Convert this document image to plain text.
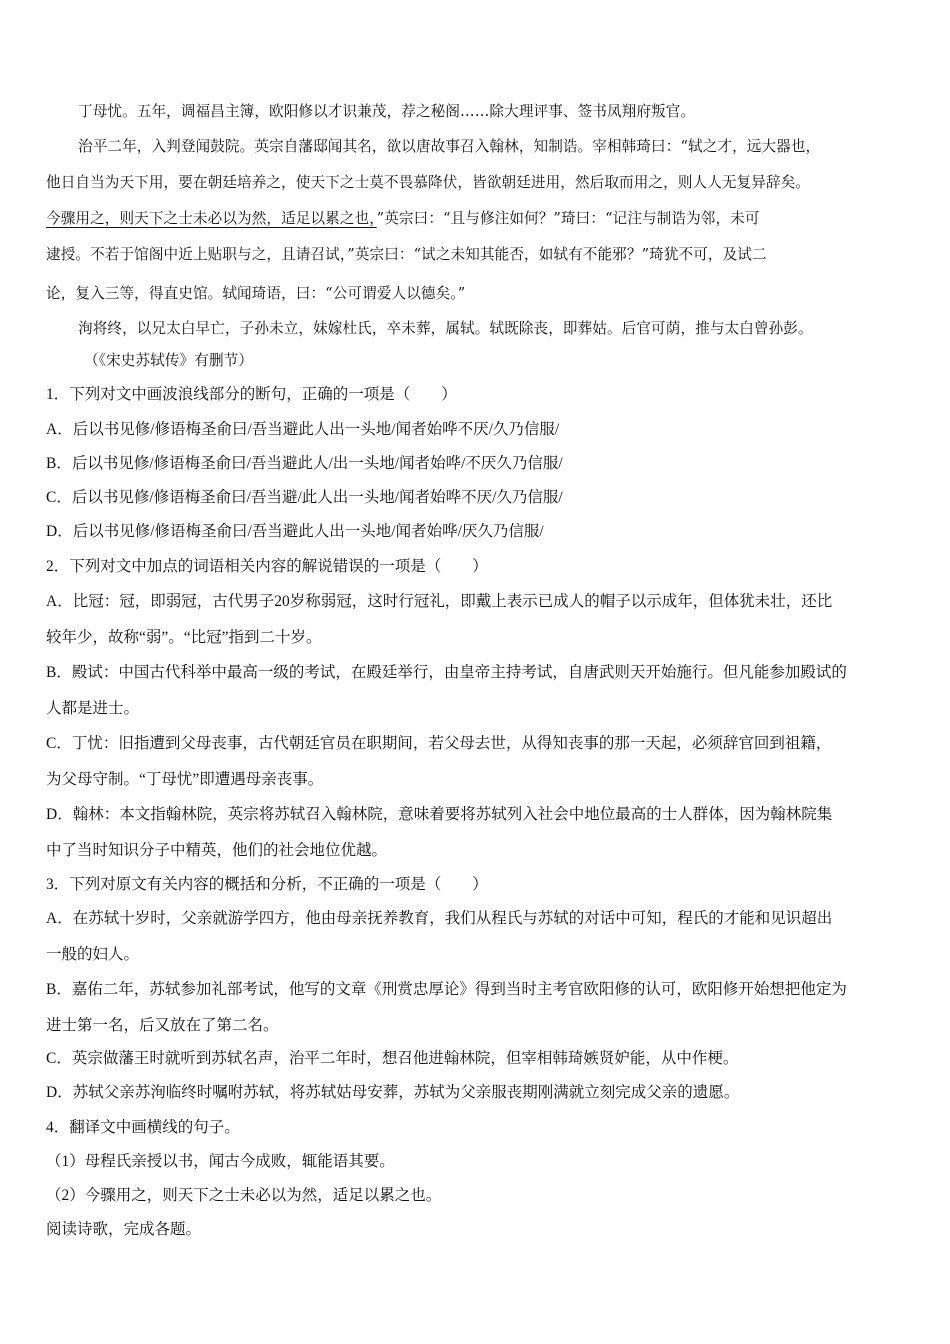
丁母忧。五年，调福昌主簿，欧阳修以才识兼茂，荐之秘阁……除大理评事、签书凤翔府叛官。
治平二年，入判登闻鼓院。英宗自藩邸闻其名，欲以唐故事召入翰林，知制诰。宰相韩琦曰：“轼之才，远大器也，
他日自当为天下用，要在朝廷培养之，使天下之士莫不畏慕降伏，皆欲朝廷进用，然后取而用之，则人人无复异辞矣。
今骤用之，则天下之士未必以为然，适足以累之也，”英宗曰：“且与修注如何？”琦曰：“记注与制诰为邻，未可
逮授。不若于馆阁中近上贴职与之，且请召试，”英宗曰：“试之未知其能否，如轼有不能邪？”琦犹不可，及试二
论，复入三等，得直史馆。轼闻琦语，曰：“公可谓爱人以德矣。”
洵将终，以兄太白早亡，子孙未立，妹嫁杜氏，卒未葬，属轼。轼既除丧，即葬姑。后官可荫，推与太白曾孙彭。
（《宋史苏轼传》有删节）
1．下列对文中画波浪线部分的断句，正确的一项是（　　）
A．后以书见修/修语梅圣俞曰/吾当避此人出一头地/闻者始哗不厌/久乃信服/
B．后以书见修/修语梅圣俞曰/吾当避此人/出一头地/闻者始哗/不厌久乃信服/
C．后以书见修/修语梅圣俞曰/吾当避/此人出一头地/闻者始哗不厌/久乃信服/
D．后以书见修/修语梅圣俞曰/吾当避此人出一头地/闻者始哗/厌久乃信服/
2．下列对文中加点的词语相关内容的解说错误的一项是（　　）
A．比冠：冠，即弱冠，古代男子20岁称弱冠，这时行冠礼，即戴上表示已成人的帽子以示成年，但体犹未壮，还比
较年少，故称“弱”。“比冠”指到二十岁。
B．殿试：中国古代科举中最高一级的考试，在殿廷举行，由皇帝主持考试，自唐武则天开始施行。但凡能参加殿试的
人都是进士。
C．丁忧：旧指遭到父母丧事，古代朝廷官员在职期间，若父母去世，从得知丧事的那一天起，必须辞官回到祖籍，
为父母守制。“丁母忧”即遭遇母亲丧事。
D．翰林：本文指翰林院，英宗将苏轼召入翰林院，意味着要将苏轼列入社会中地位最高的士人群体，因为翰林院集
中了当时知识分子中精英，他们的社会地位优越。
3．下列对原文有关内容的概括和分析，不正确的一项是（　　）
A．在苏轼十岁时，父亲就游学四方，他由母亲抚养教育，我们从程氏与苏轼的对话中可知，程氏的才能和见识超出
一般的妇人。
B．嘉佑二年，苏轼参加礼部考试，他写的文章《刑赏忠厚论》得到当时主考官欧阳修的认可，欧阳修开始想把他定为
进士第一名，后又放在了第二名。
C．英宗做藩王时就听到苏轼名声，治平二年时，想召他进翰林院，但宰相韩琦嫉贤妒能，从中作梗。
D．苏轼父亲苏洵临终时嘱咐苏轼，将苏轼姑母安葬，苏轼为父亲服丧期刚满就立刻完成父亲的遗愿。
4．翻译文中画横线的句子。
（1）母程氏亲授以书，闻古今成败，辄能语其要。
（2）今骤用之，则天下之士未必以为然，适足以累之也。
阅读诗歌，完成各题。
